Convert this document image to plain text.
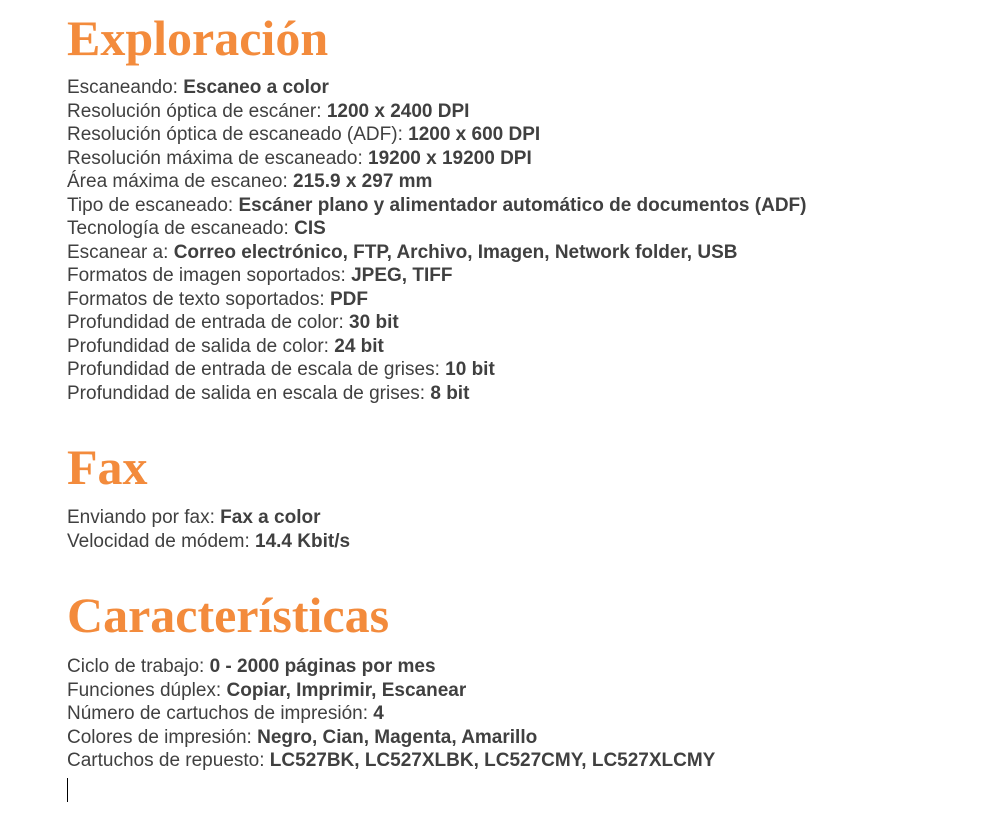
Exploración
Escaneando: Escaneo a color
Resolución óptica de escáner: 1200 x 2400 DPI
Resolución óptica de escaneado (ADF): 1200 x 600 DPI
Resolución máxima de escaneado: 19200 x 19200 DPI
Área máxima de escaneo: 215.9 x 297 mm
Tipo de escaneado: Escáner plano y alimentador automático de documentos (ADF)
Tecnología de escaneado: CIS
Escanear a: Correo electrónico, FTP, Archivo, Imagen, Network folder, USB
Formatos de imagen soportados: JPEG, TIFF
Formatos de texto soportados: PDF
Profundidad de entrada de color: 30 bit
Profundidad de salida de color: 24 bit
Profundidad de entrada de escala de grises: 10 bit
Profundidad de salida en escala de grises: 8 bit
Fax
Enviando por fax: Fax a color
Velocidad de módem: 14.4 Kbit/s
Características
Ciclo de trabajo: 0 - 2000 páginas por mes
Funciones dúplex: Copiar, Imprimir, Escanear
Número de cartuchos de impresión: 4
Colores de impresión: Negro, Cian, Magenta, Amarillo
Cartuchos de repuesto: LC527BK, LC527XLBK, LC527CMY, LC527XLCMY
